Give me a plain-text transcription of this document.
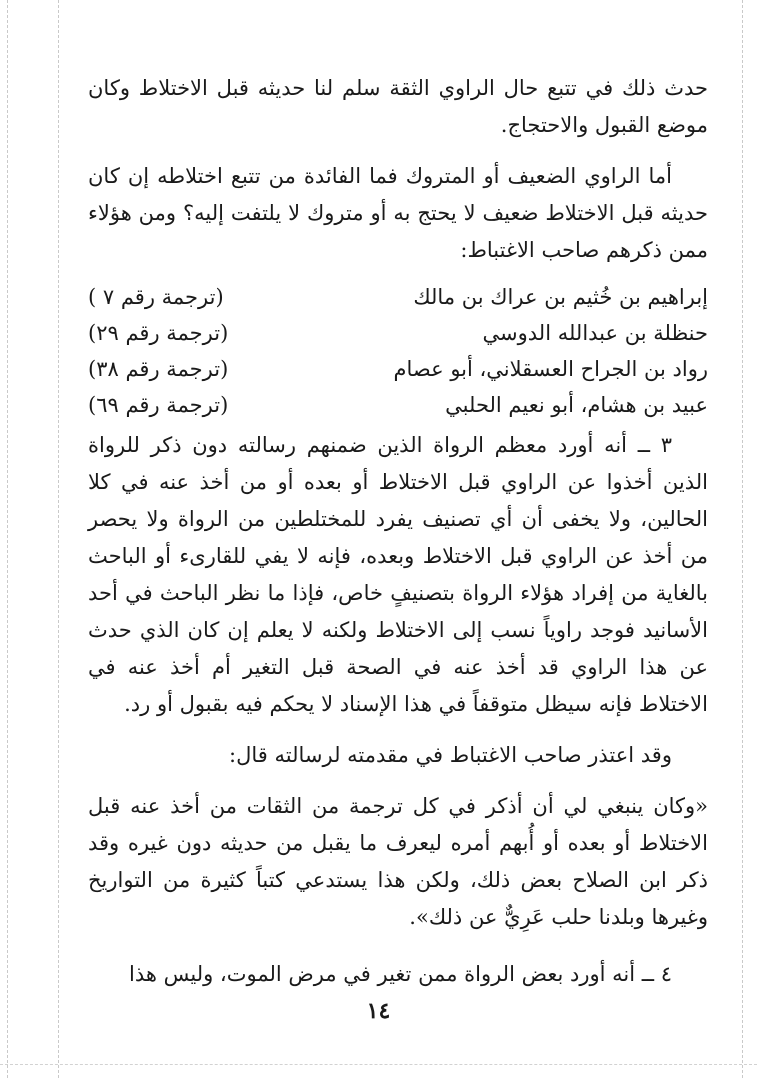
حدث ذلك في تتبع حال الراوي الثقة سلم لنا حديثه قبل الاختلاط وكان موضع القبول والاحتجاج.

أما الراوي الضعيف أو المتروك فما الفائدة من تتبع اختلاطه إن كان حديثه قبل الاختلاط ضعيف لا يحتج به أو متروك لا يلتفت إليه؟ ومن هؤلاء ممن ذكرهم صاحب الاغتباط:

إبراهيم بن خُثيم بن عراك بن مالك	(ترجمة رقم ٧ )
حنظلة بن عبدالله الدوسي	(ترجمة رقم ٢٩)
رواد بن الجراح العسقلاني، أبو عصام	(ترجمة رقم ٣٨)
عبيد بن هشام، أبو نعيم الحلبي	(ترجمة رقم ٦٩)

٣ ــ أنه أورد معظم الرواة الذين ضمنهم رسالته دون ذكر للرواة الذين أخذوا عن الراوي قبل الاختلاط أو بعده أو من أخذ عنه في كلا الحالين، ولا يخفى أن أي تصنيف يفرد للمختلطين من الرواة ولا يحصر من أخذ عن الراوي قبل الاختلاط وبعده، فإنه لا يفي للقارىء أو الباحث بالغاية من إفراد هؤلاء الرواة بتصنيفٍ خاص، فإذا ما نظر الباحث في أحد الأسانيد فوجد راوياً نسب إلى الاختلاط ولكنه لا يعلم إن كان الذي حدث عن هذا الراوي قد أخذ عنه في الصحة قبل التغير أم أخذ عنه في الاختلاط فإنه سيظل متوقفاً في هذا الإسناد لا يحكم فيه بقبول أو رد.

وقد اعتذر صاحب الاغتباط في مقدمته لرسالته قال:

«وكان ينبغي لي أن أذكر في كل ترجمة من الثقات من أخذ عنه قبل الاختلاط أو بعده أو أُبهم أمره ليعرف ما يقبل من حديثه دون غيره وقد ذكر ابن الصلاح بعض ذلك، ولكن هذا يستدعي كتباً كثيرة من التواريخ وغيرها وبلدنا حلب عَرِيٌّ عن ذلك».

٤ ــ أنه أورد بعض الرواة ممن تغير في مرض الموت، وليس هذا

١٤
